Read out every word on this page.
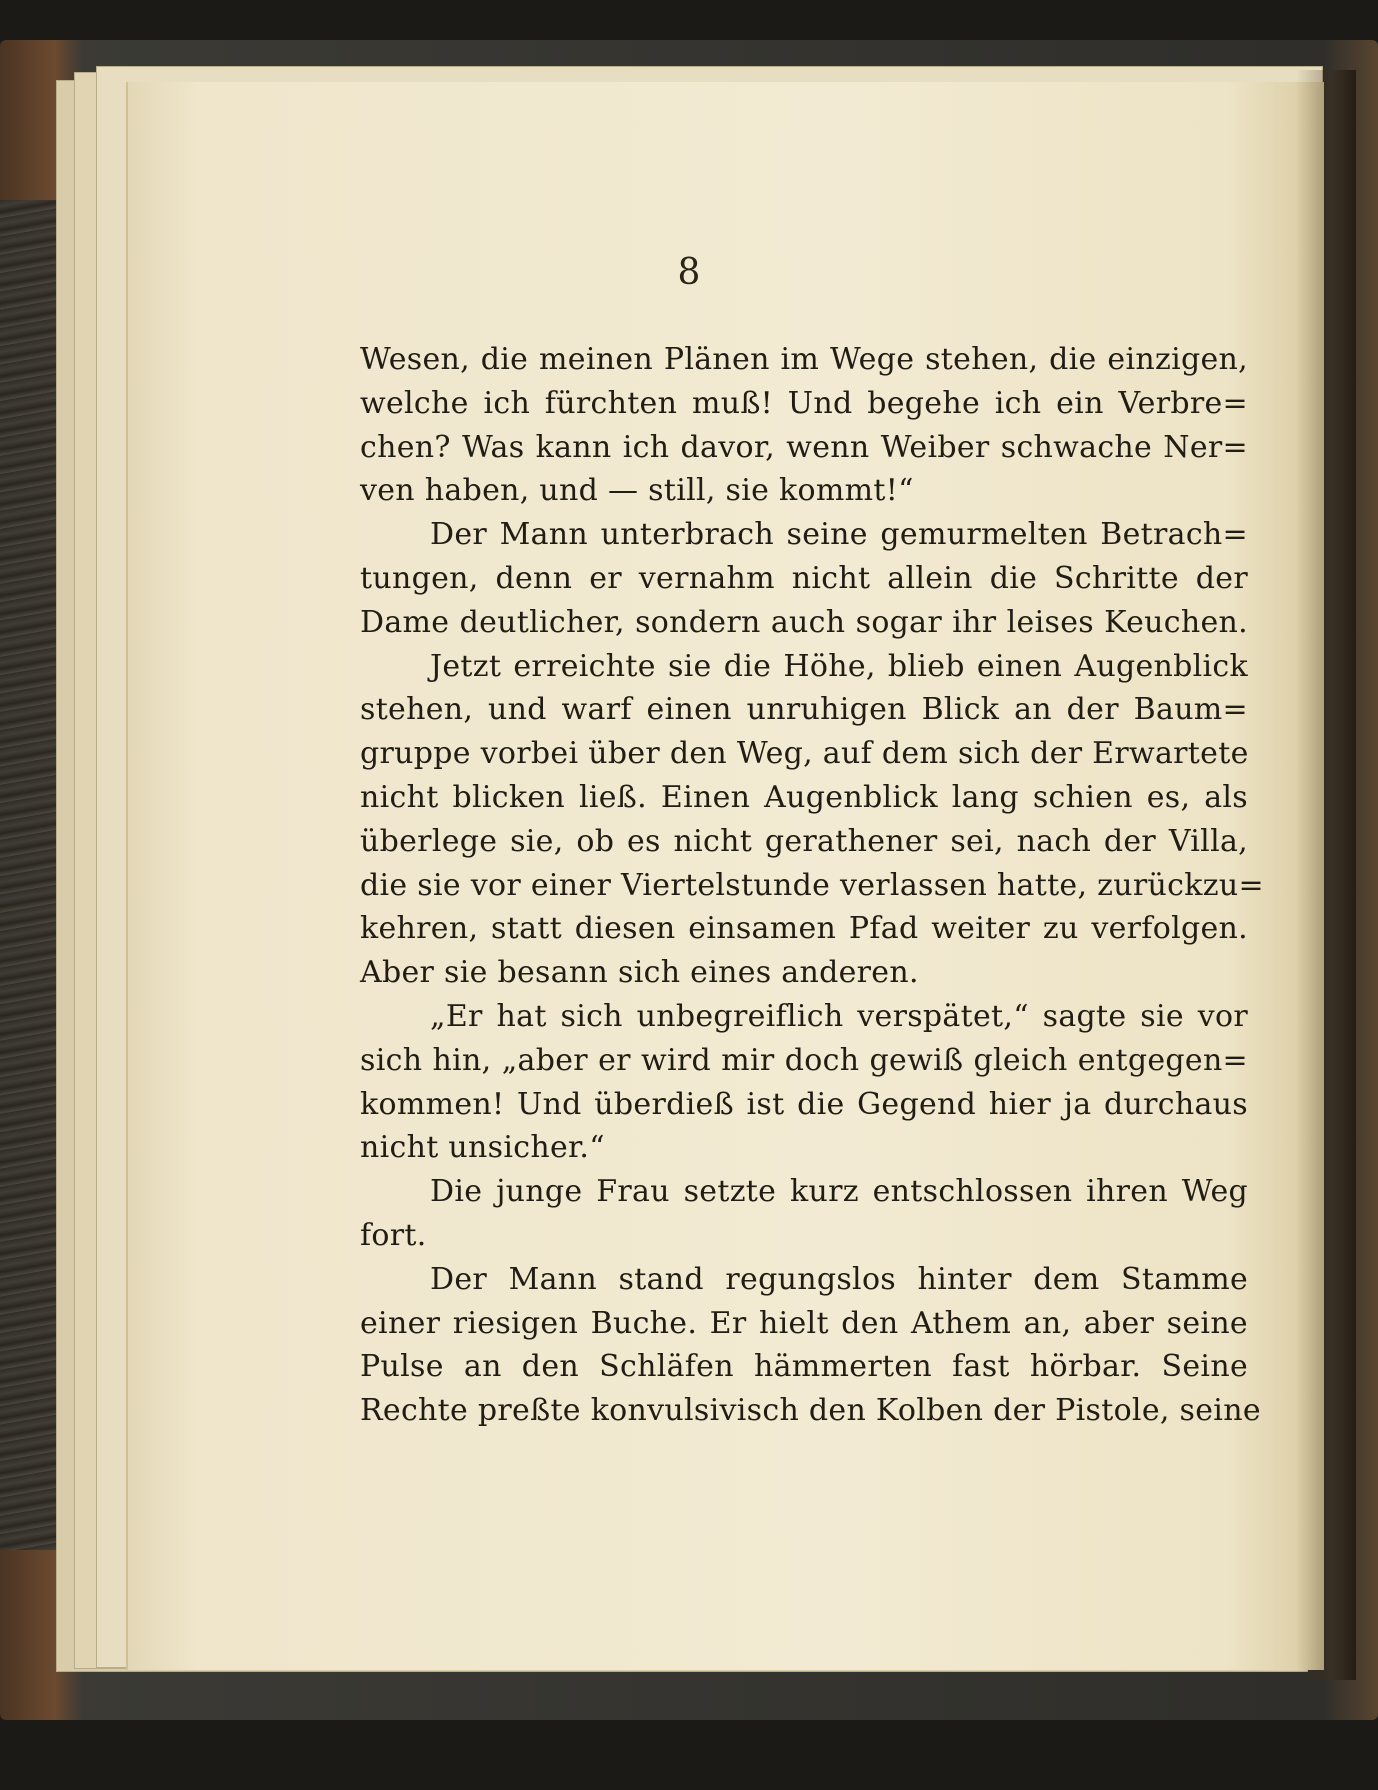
8
Wesen, die meinen Plänen im Wege stehen, die einzigen,
welche ich fürchten muß! Und begehe ich ein Verbre=
chen? Was kann ich davor, wenn Weiber schwache Ner=
ven haben, und — still, sie kommt!“
Der Mann unterbrach seine gemurmelten Betrach=
tungen, denn er vernahm nicht allein die Schritte der
Dame deutlicher, sondern auch sogar ihr leises Keuchen.
Jetzt erreichte sie die Höhe, blieb einen Augenblick
stehen, und warf einen unruhigen Blick an der Baum=
gruppe vorbei über den Weg, auf dem sich der Erwartete
nicht blicken ließ. Einen Augenblick lang schien es, als
überlege sie, ob es nicht gerathener sei, nach der Villa,
die sie vor einer Viertelstunde verlassen hatte, zurückzu=
kehren, statt diesen einsamen Pfad weiter zu verfolgen.
Aber sie besann sich eines anderen.
„Er hat sich unbegreiflich verspätet,“ sagte sie vor
sich hin, „aber er wird mir doch gewiß gleich entgegen=
kommen! Und überdieß ist die Gegend hier ja durchaus
nicht unsicher.“
Die junge Frau setzte kurz entschlossen ihren Weg
fort.
Der Mann stand regungslos hinter dem Stamme
einer riesigen Buche. Er hielt den Athem an, aber seine
Pulse an den Schläfen hämmerten fast hörbar. Seine
Rechte preßte konvulsivisch den Kolben der Pistole, seine
